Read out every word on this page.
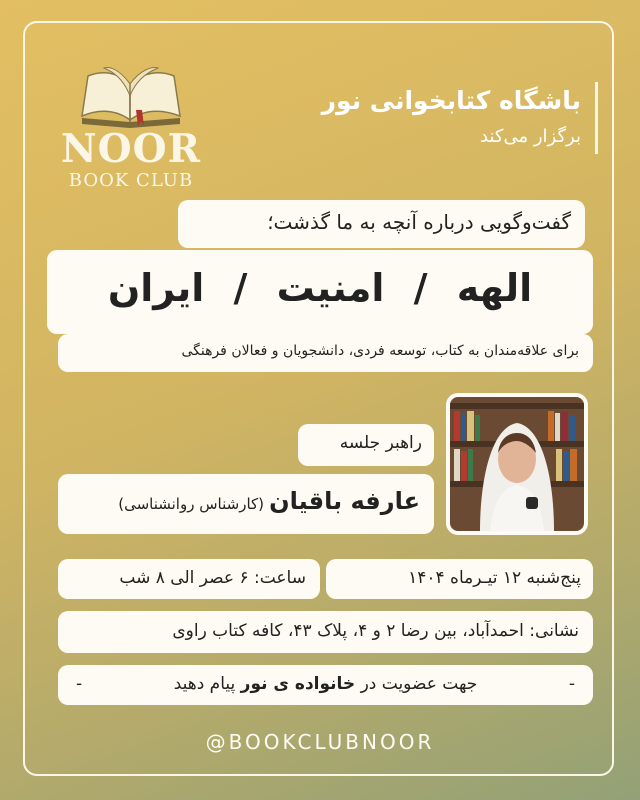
NOOR
BOOK CLUB
باشگاه کتابخوانی نور
برگزار می‌کند
گفت‌وگویی درباره آنچه به ما گذشت؛
الهه / امنیت / ایران
برای علاقه‌مندان به کتاب، توسعه فردی، دانشجویان و فعالان فرهنگی
راهبر جلسه
عارفه باقیان (کارشناس روانشناسی)
پنج‌شنبه ۱۲ تیـرماه ۱۴۰۴
ساعت: ۶ عصر الی ۸ شب
نشانی: احمدآباد، بین رضا ۲ و ۴، پلاک ۴۳، کافه کتاب راوی
-
جهت عضویت در خانواده ی نور پیام دهید
-
@BOOKCLUBNOOR
